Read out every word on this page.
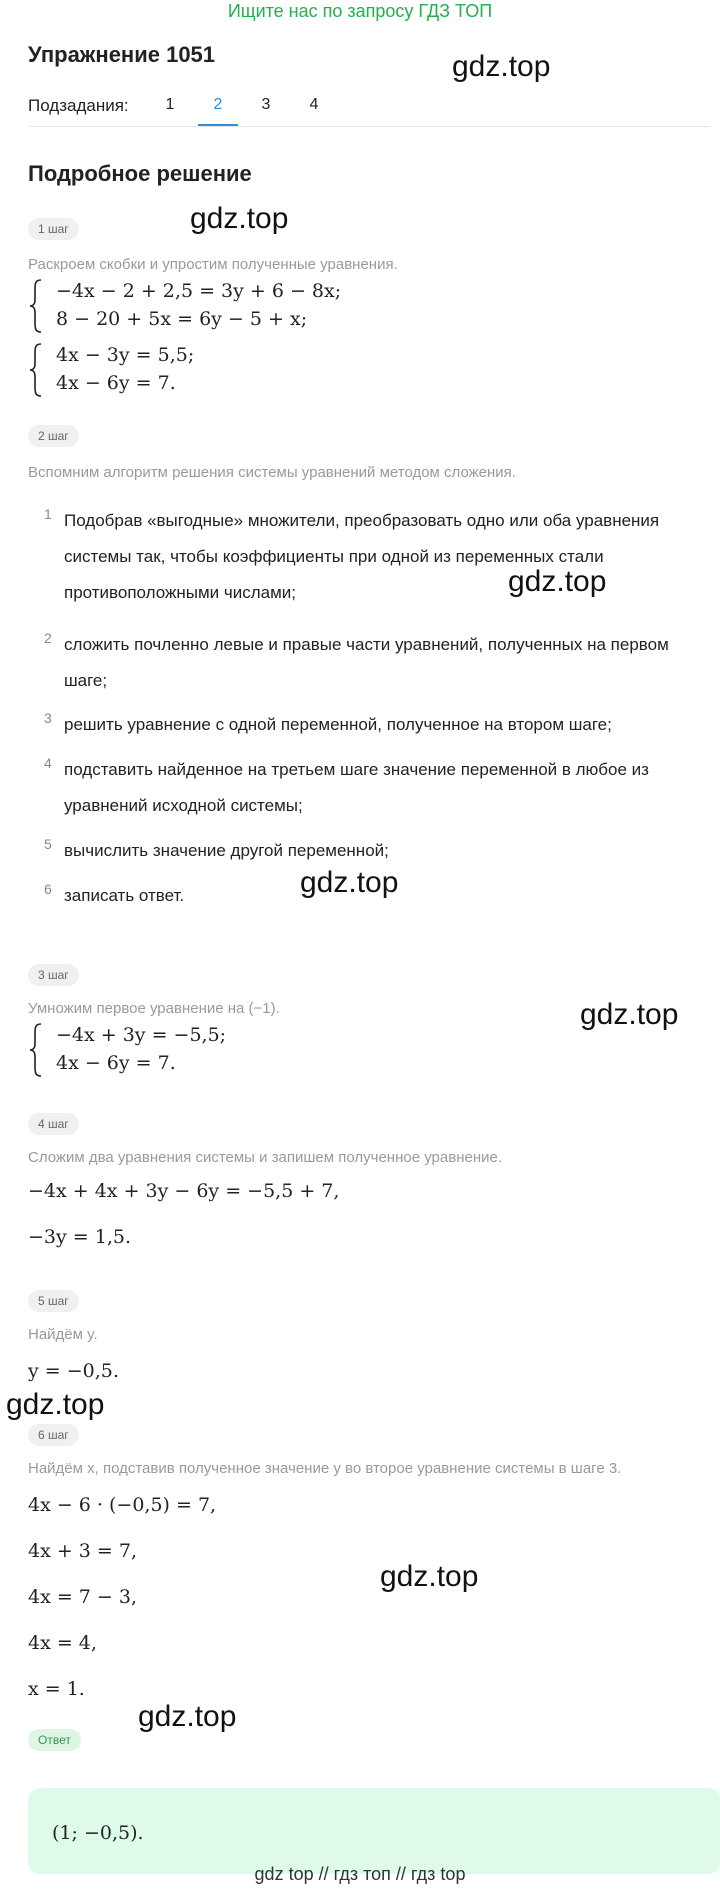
Ищите нас по запросу ГДЗ ТОП
Упражнение 1051
Подзадания:	1	2	3	4
Подробное решение
1 шаг
Раскроем скобки и упростим полученные уравнения.
−4x − 2 + 2,5 = 3y + 6 − 8x;
8 − 20 + 5x = 6y − 5 + x;
4x − 3y = 5,5;
4x − 6y = 7.
2 шаг
Вспомним алгоритм решения системы уравнений методом сложения.
1 Подобрав «выгодные» множители, преобразовать одно или оба уравнения системы так, чтобы коэффициенты при одной из переменных стали противоположными числами;
2 сложить почленно левые и правые части уравнений, полученных на первом шаге;
3 решить уравнение с одной переменной, полученное на втором шаге;
4 подставить найденное на третьем шаге значение переменной в любое из уравнений исходной системы;
5 вычислить значение другой переменной;
6 записать ответ.
3 шаг
Умножим первое уравнение на (−1).
−4x + 3y = −5,5;
4x − 6y = 7.
4 шаг
Сложим два уравнения системы и запишем полученное уравнение.
−4x + 4x + 3y − 6y = −5,5 + 7,
−3y = 1,5.
5 шаг
Найдём y.
y = −0,5.
6 шаг
Найдём x, подставив полученное значение y во второе уравнение системы в шаге 3.
4x − 6 · (−0,5) = 7,
4x + 3 = 7,
4x = 7 − 3,
4x = 4,
x = 1.
Ответ
(1; −0,5).
gdz.top
gdz.top
gdz.top
gdz.top
gdz.top
gdz.top
gdz.top
gdz.top
gdz top // гдз топ // гдз top
